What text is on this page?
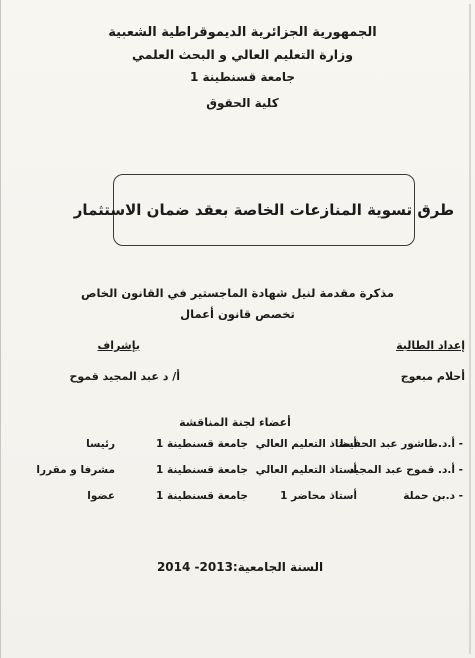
الجمهورية الجزائرية الديموقراطية الشعبية
وزارة التعليم العالي و البحث العلمي
جامعة قسنطينة 1
كلية الحقوق
طرق تسوية المنازعات الخاصة بعقد ضمان الاستثمار
مذكرة مقدمة لنيل شهادة الماجستير في القانون الخاص
تخصص قانون أعمال
إعداد الطالبة
بإشراف
أحلام مبعوج
أ/ د عبد المجيد قموح
أعضاء لجنة المناقشة
- أ.د.طاشور عبد الحفيظ
أستاذ التعليم العالي
جامعة قسنطينة 1
رئيسا
- أ.د. قموح عبد المجيد
أستاذ التعليم العالي
جامعة قسنطينة 1
مشرفا و مقررا
- د.بن حملة
أستاذ محاضر 1
جامعة قسنطينة 1
عضوا
السنة الجامعية:2013- 2014
